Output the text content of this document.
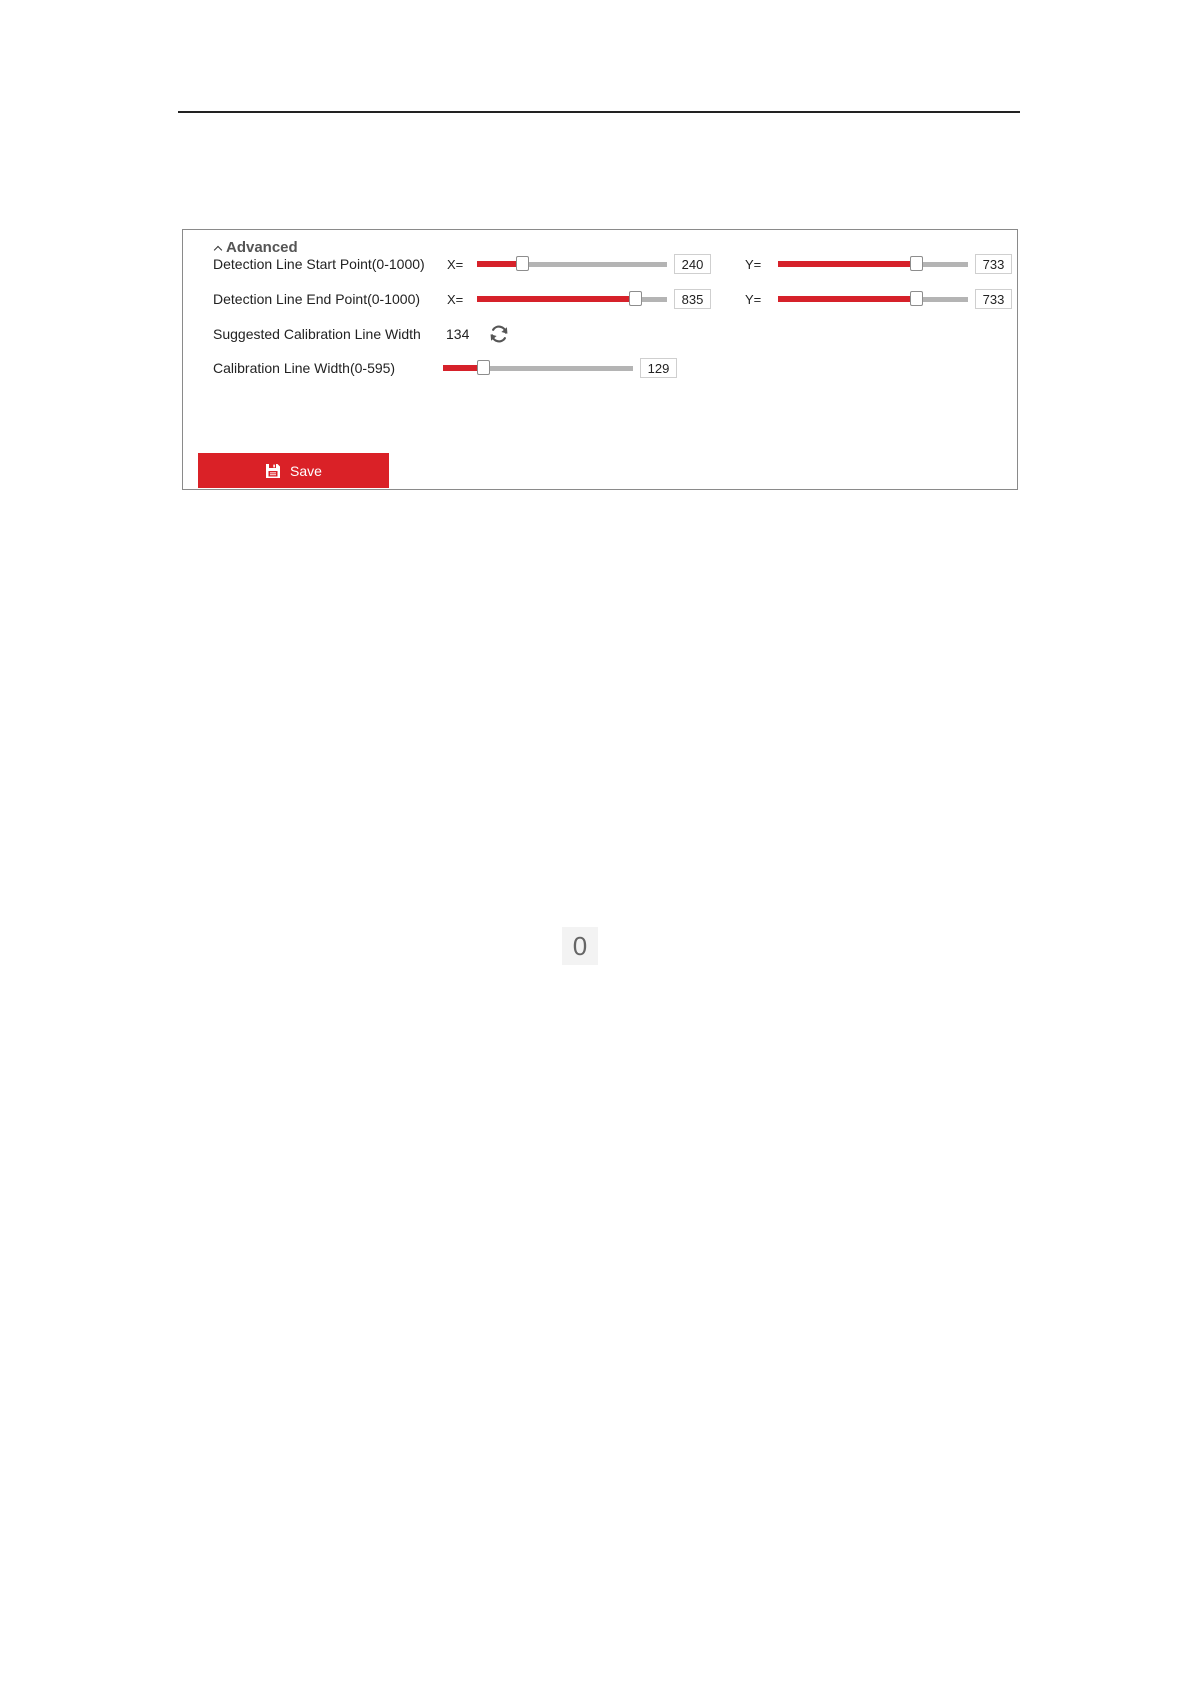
Advanced
Detection Line Start Point(0-1000) X=
240	Y=
733
Detection Line End Point(0-1000) X=
835	Y=
733
Suggested Calibration Line Width 134
Calibration Line Width(0-595)
129
Save
0
